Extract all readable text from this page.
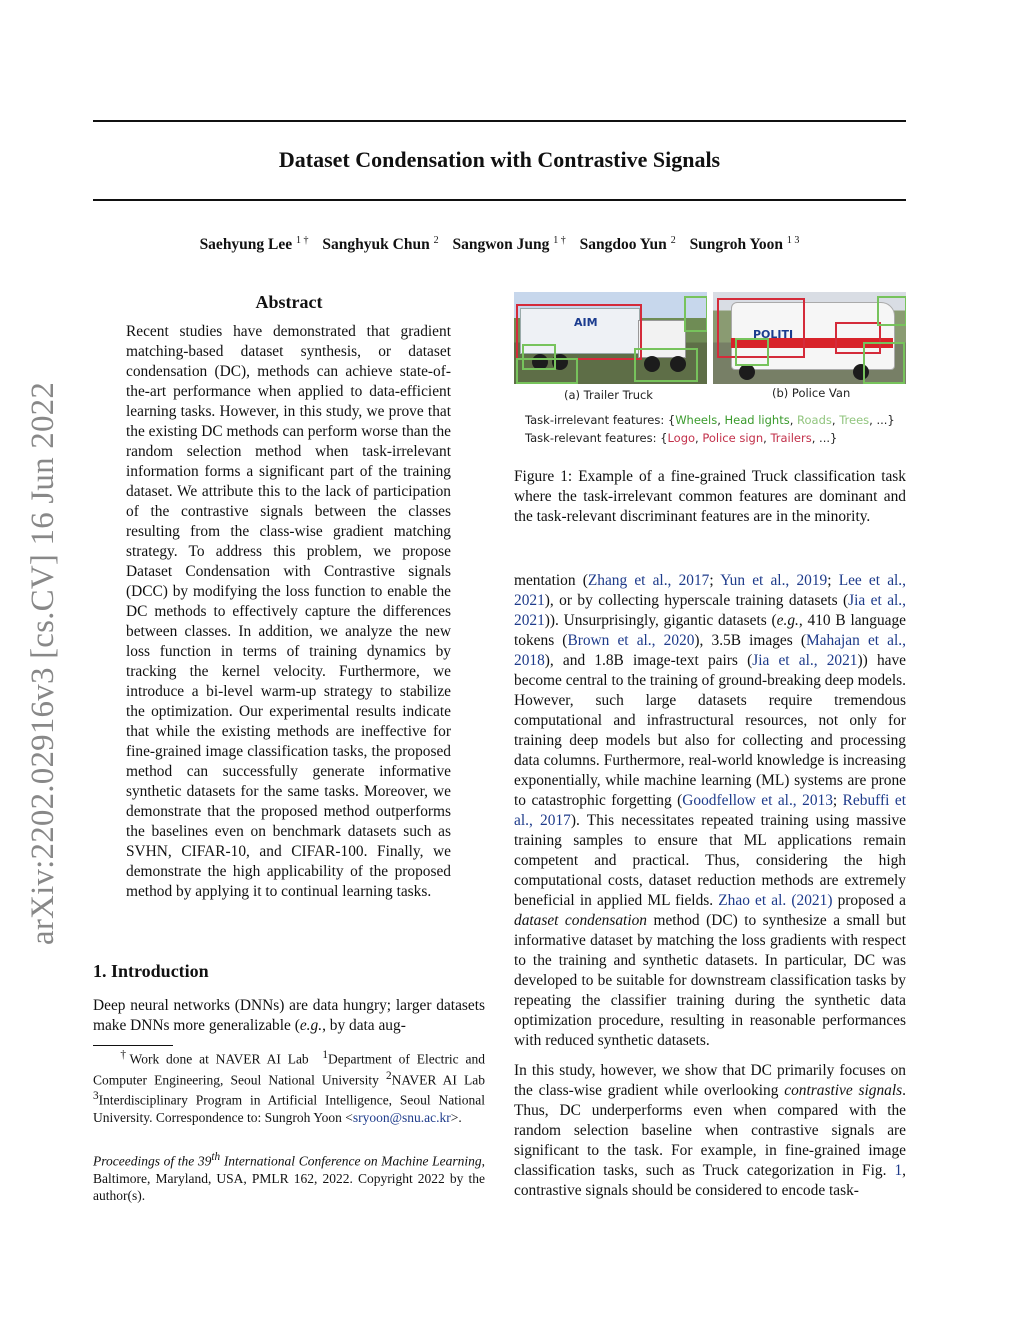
arXiv:2202.02916v3 [cs.CV] 16 Jun 2022
Dataset Condensation with Contrastive Signals
Saehyung Lee $^{1 \dagger}$ Sanghyuk Chun $^2$ Sangwon Jung $^{1 \dagger}$ Sangdoo Yun $^2$ Sungroh Yoon $^{1 3}$
Abstract
Recent studies have demonstrated that gradient matching-based dataset synthesis, or dataset condensation (DC), methods can achieve state-of-the-art performance when applied to data-efficient learning tasks. However, in this study, we prove that the existing DC methods can perform worse than the random selection method when task-irrelevant information forms a significant part of the training dataset. We attribute this to the lack of participation of the contrastive signals between the classes resulting from the class-wise gradient matching strategy. To address this problem, we propose Dataset Condensation with Contrastive signals (DCC) by modifying the loss function to enable the DC methods to effectively capture the differences between classes. In addition, we analyze the new loss function in terms of training dynamics by tracking the kernel velocity. Furthermore, we introduce a bi-level warm-up strategy to stabilize the optimization. Our experimental results indicate that while the existing methods are ineffective for fine-grained image classification tasks, the proposed method can successfully generate informative synthetic datasets for the same tasks. Moreover, we demonstrate that the proposed method outperforms the baselines even on benchmark datasets such as SVHN, CIFAR-10, and CIFAR-100. Finally, we demonstrate the high applicability of the proposed method by applying it to continual learning tasks.
1. Introduction
Deep neural networks (DNNs) are data hungry; larger datasets make DNNs more generalizable (e.g., by data aug-
†Work done at NAVER AI Lab $^1$Department of Electric and Computer Engineering, Seoul National University $^2$NAVER AI Lab $^3$Interdisciplinary Program in Artificial Intelligence, Seoul National University. Correspondence to: Sungroh Yoon <sryoon@snu.ac.kr>.
Proceedings of the 39th International Conference on Machine Learning, Baltimore, Maryland, USA, PMLR 162, 2022. Copyright 2022 by the author(s).
AIM
POLITI
(a) Trailer Truck	(b) Police Van
Task-irrelevant features: {Wheels, Head lights, Roads, Trees, ...}
Task-relevant features: {Logo, Police sign, Trailers, ...}
Figure 1: Example of a fine-grained Truck classification task where the task-irrelevant common features are dominant and the task-relevant discriminant features are in the minority.
mentation (Zhang et al., 2017; Yun et al., 2019; Lee et al., 2021), or by collecting hyperscale training datasets (Jia et al., 2021)). Unsurprisingly, gigantic datasets (e.g., 410 B language tokens (Brown et al., 2020), 3.5B images (Mahajan et al., 2018), and 1.8B image-text pairs (Jia et al., 2021)) have become central to the training of ground-breaking deep models. However, such large datasets require tremendous computational and infrastructural resources, not only for training deep models but also for collecting and processing data columns. Furthermore, real-world knowledge is increasing exponentially, while machine learning (ML) systems are prone to catastrophic forgetting (Goodfellow et al., 2013; Rebuffi et al., 2017). This necessitates repeated training using massive training samples to ensure that ML applications remain competent and practical. Thus, considering the high computational costs, dataset reduction methods are extremely beneficial in applied ML fields. Zhao et al. (2021) proposed a dataset condensation method (DC) to synthesize a small but informative dataset by matching the loss gradients with respect to the training and synthetic datasets. In particular, DC was developed to be suitable for downstream classification tasks by repeating the classifier training during the synthetic data optimization procedure, resulting in reasonable performances with reduced synthetic datasets.
In this study, however, we show that DC primarily focuses on the class-wise gradient while overlooking contrastive signals. Thus, DC underperforms even when compared with the random selection baseline when contrastive signals are significant to the task. For example, in fine-grained image classification tasks, such as Truck categorization in Fig. 1, contrastive signals should be considered to encode task-
